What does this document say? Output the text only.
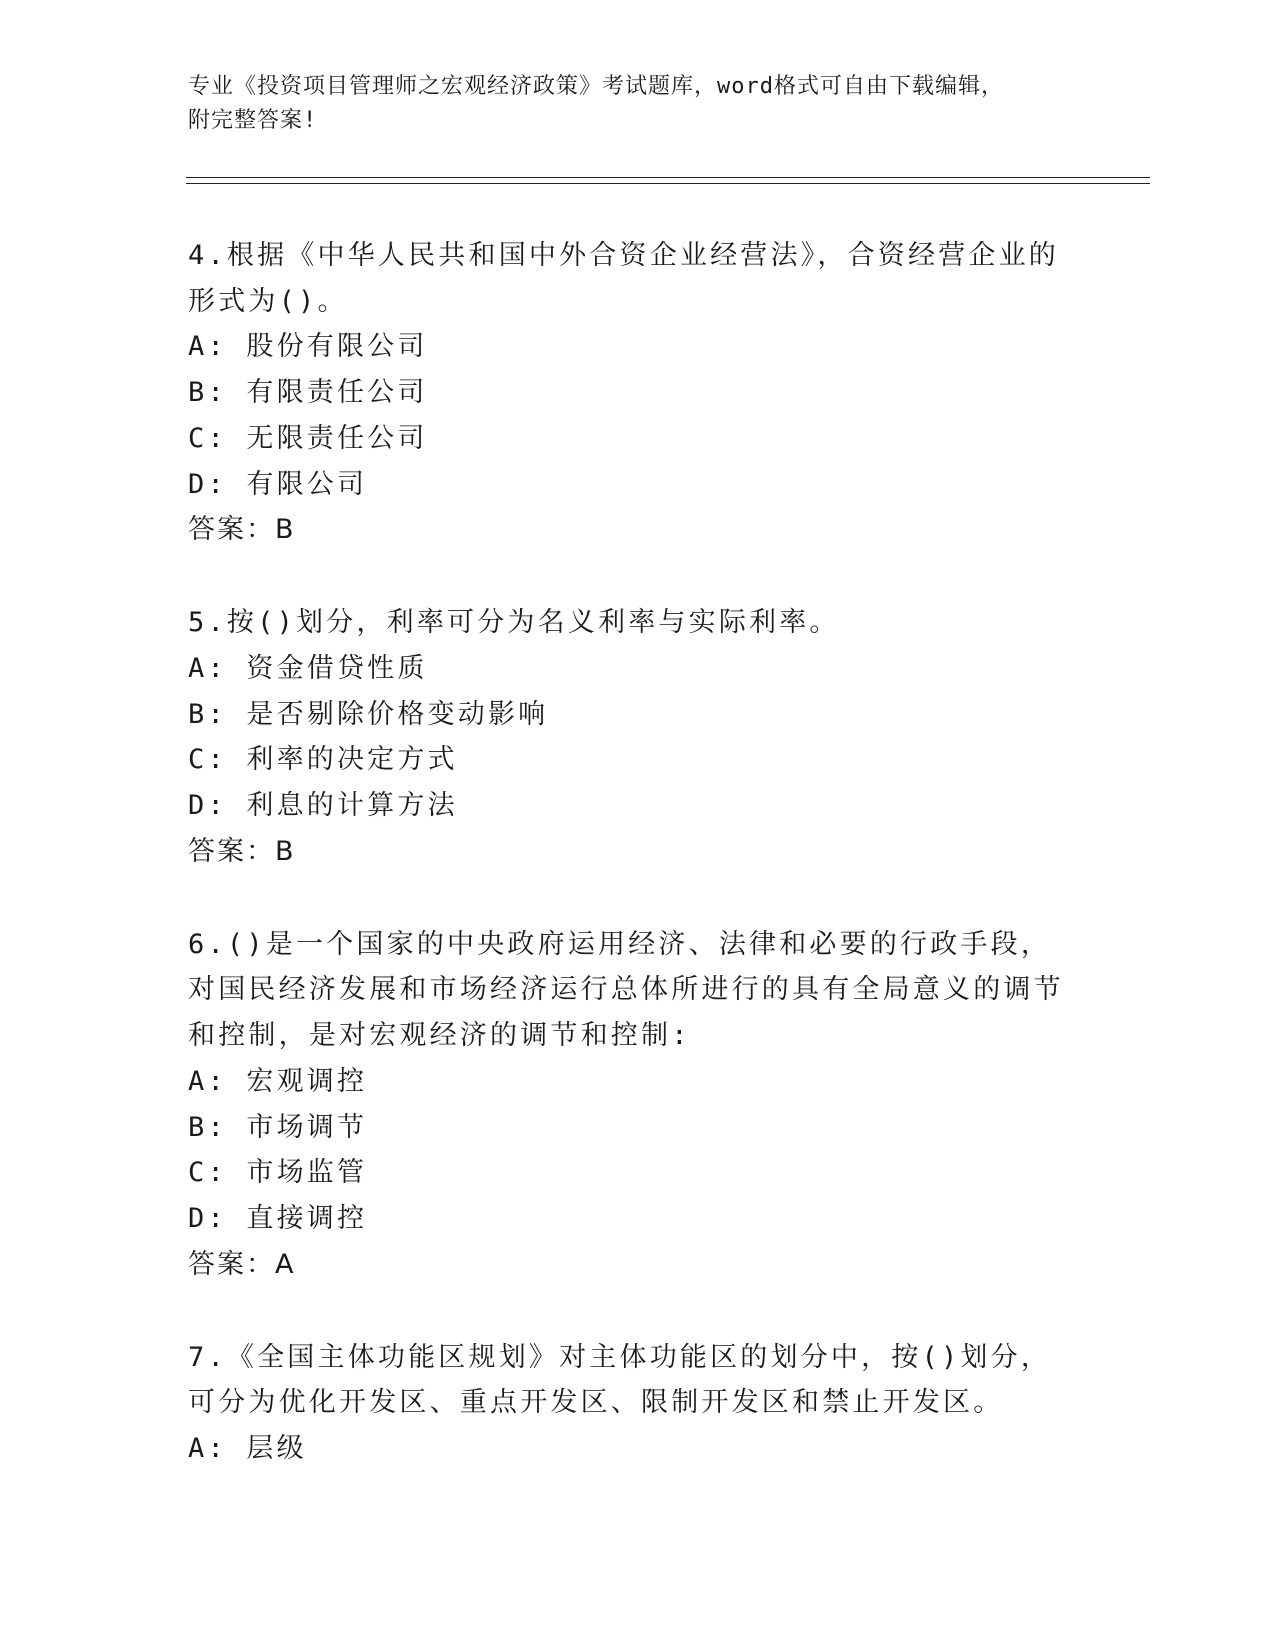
专业《投资项目管理师之宏观经济政策》考试题库，word格式可自由下载编辑，
附完整答案!
4.根据《中华人民共和国中外合资企业经营法》，合资经营企业的形式为()。
A: 股份有限公司
B: 有限责任公司
C: 无限责任公司
D: 有限公司
答案：B
5.按()划分，利率可分为名义利率与实际利率。
A: 资金借贷性质
B: 是否剔除价格变动影响
C: 利率的决定方式
D: 利息的计算方法
答案：B
6.()是一个国家的中央政府运用经济、法律和必要的行政手段，对国民经济发展和市场经济运行总体所进行的具有全局意义的调节和控制，是对宏观经济的调节和控制:
A: 宏观调控
B: 市场调节
C: 市场监管
D: 直接调控
答案：A
7.《全国主体功能区规划》对主体功能区的划分中，按()划分，可分为优化开发区、重点开发区、限制开发区和禁止开发区。
A: 层级
